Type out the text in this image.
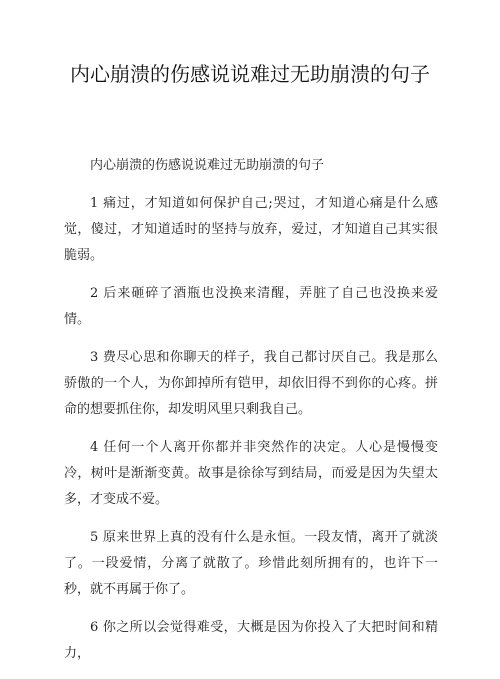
内心崩溃的伤感说说难过无助崩溃的句子

内心崩溃的伤感说说难过无助崩溃的句子

1 痛过，才知道如何保护自己;哭过，才知道心痛是什么感觉，傻过，才知道适时的坚持与放弃，爱过，才知道自己其实很脆弱。

2 后来砸碎了酒瓶也没换来清醒，弄脏了自己也没换来爱情。

3 费尽心思和你聊天的样子，我自己都讨厌自己。我是那么骄傲的一个人，为你卸掉所有铠甲，却依旧得不到你的心疼。拼命的想要抓住你，却发明风里只剩我自己。

4 任何一个人离开你都并非突然作的决定。人心是慢慢变冷，树叶是渐渐变黄。故事是徐徐写到结局，而爱是因为失望太多，才变成不爱。

5 原来世界上真的没有什么是永恒。一段友情，离开了就淡了。一段爱情，分离了就散了。珍惜此刻所拥有的，也许下一秒，就不再属于你了。

6 你之所以会觉得难受，大概是因为你投入了大把时间和精力，
